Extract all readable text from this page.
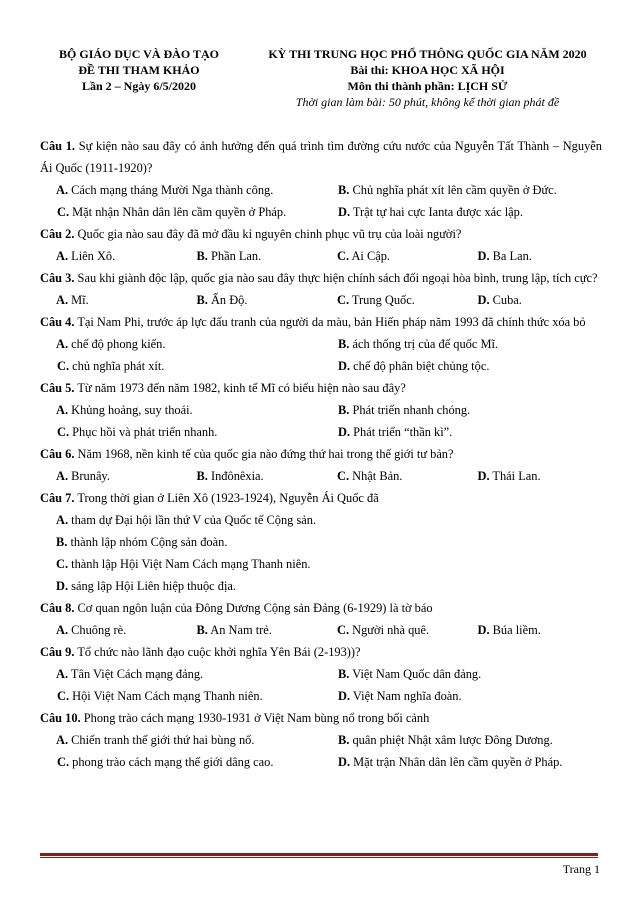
BỘ GIÁO DỤC VÀ ĐÀO TẠO
ĐỀ THI THAM KHẢO
Lần 2 – Ngày 6/5/2020
KỲ THI TRUNG HỌC PHỔ THÔNG QUỐC GIA NĂM 2020
Bài thi: KHOA HỌC XÃ HỘI
Môn thi thành phần: LỊCH SỬ
Thời gian làm bài: 50 phút, không kể thời gian phát đề
Câu 1. Sự kiện nào sau đây có ảnh hưởng đến quá trình tìm đường cứu nước của Nguyễn Tất Thành – Nguyễn Ái Quốc (1911-1920)?
A. Cách mạng tháng Mười Nga thành công.	B. Chủ nghĩa phát xít lên cầm quyền ở Đức.
C. Mặt nhận Nhân dân lên cầm quyền ở Pháp.	D. Trật tự hai cực Ianta được xác lập.
Câu 2. Quốc gia nào sau đây đã mở đầu kỉ nguyên chinh phục vũ trụ của loài người?
A. Liên Xô.	B. Phần Lan.	C. Ai Cập.	D. Ba Lan.
Câu 3. Sau khi giành độc lập, quốc gia nào sau đây thực hiện chính sách đối ngoại hòa bình, trung lập, tích cực?
A. Mĩ.	B. Ấn Độ.	C. Trung Quốc.	D. Cuba.
Câu 4. Tại Nam Phi, trước áp lực đấu tranh của người da màu, bản Hiến pháp năm 1993 đã chính thức xóa bỏ
A. chế độ phong kiến.	B. ách thống trị của đế quốc Mĩ.
C. chủ nghĩa phát xít.	D. chế độ phân biệt chủng tộc.
Câu 5. Từ năm 1973 đến năm 1982, kinh tế Mĩ có biểu hiện nào sau đây?
A. Khủng hoảng, suy thoái.	B. Phát triển nhanh chóng.
C. Phục hồi và phát triển nhanh.	D. Phát triển “thần kì”.
Câu 6. Năm 1968, nền kinh tế của quốc gia nào đứng thứ hai trong thế giới tư bản?
A. Brunây.	B. Inđônêxia.	C. Nhật Bản.	D. Thái Lan.
Câu 7. Trong thời gian ở Liên Xô (1923-1924), Nguyễn Ái Quốc đã
A. tham dự Đại hội lần thứ V của Quốc tế Cộng sản.
B. thành lập nhóm Cộng sản đoàn.
C. thành lập Hội Việt Nam Cách mạng Thanh niên.
D. sáng lập Hội Liên hiệp thuộc địa.
Câu 8. Cơ quan ngôn luận của Đông Dương Cộng sản Đảng (6-1929) là tờ báo
A. Chuông rè.	B. An Nam trẻ.	C. Người nhà quê.	D. Búa liềm.
Câu 9. Tổ chức nào lãnh đạo cuộc khởi nghĩa Yên Bái (2-193))?
A. Tân Việt Cách mạng đảng.	B. Việt Nam Quốc dân đảng.
C. Hội Việt Nam Cách mạng Thanh niên.	D. Việt Nam nghĩa đoàn.
Câu 10. Phong trào cách mạng 1930-1931 ở Việt Nam bùng nổ trong bối cảnh
A. Chiến tranh thế giới thứ hai bùng nổ.	B. quân phiệt Nhật xâm lược Đông Dương.
C. phong trào cách mạng thế giới dâng cao.	D. Mặt trận Nhân dân lên cầm quyền ở Pháp.
Trang 1
